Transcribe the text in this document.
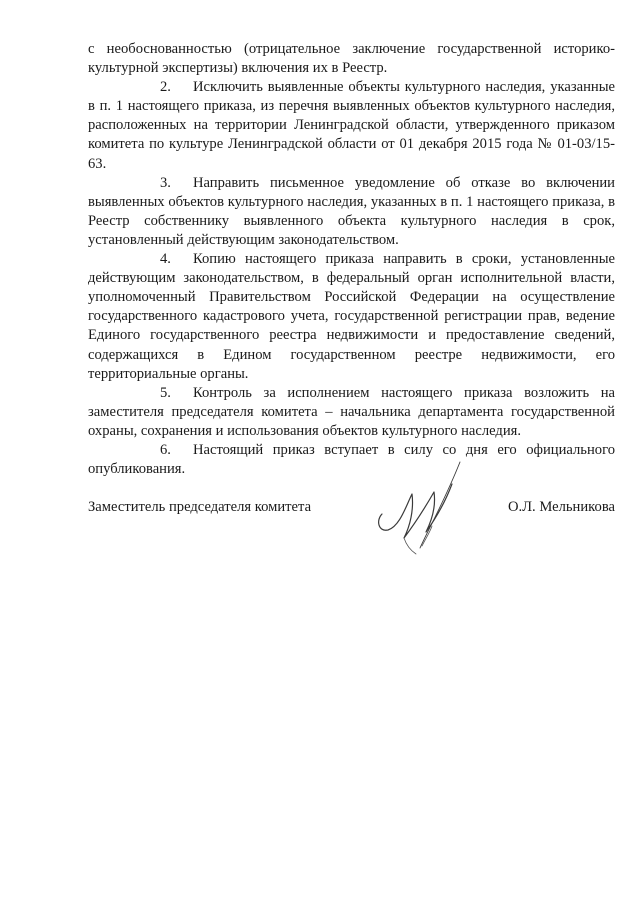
с необоснованностью (отрицательное заключение государственной историко-культурной экспертизы) включения их в Реестр.

2. Исключить выявленные объекты культурного наследия, указанные в п. 1 настоящего приказа, из перечня выявленных объектов культурного наследия, расположенных на территории Ленинградской области, утвержденного приказом комитета по культуре Ленинградской области от 01 декабря 2015 года № 01-03/15-63.

3. Направить письменное уведомление об отказе во включении выявленных объектов культурного наследия, указанных в п. 1 настоящего приказа, в Реестр собственнику выявленного объекта культурного наследия в срок, установленный действующим законодательством.

4. Копию настоящего приказа направить в сроки, установленные действующим законодательством, в федеральный орган исполнительной власти, уполномоченный Правительством Российской Федерации на осуществление государственного кадастрового учета, государственной регистрации прав, ведение Единого государственного реестра недвижимости и предоставление сведений, содержащихся в Едином государственном реестре недвижимости, его территориальные органы.

5. Контроль за исполнением настоящего приказа возложить на заместителя председателя комитета – начальника департамента государственной охраны, сохранения и использования объектов культурного наследия.

6. Настоящий приказ вступает в силу со дня его официального опубликования.

Заместитель председателя комитета	О.Л. Мельникова
